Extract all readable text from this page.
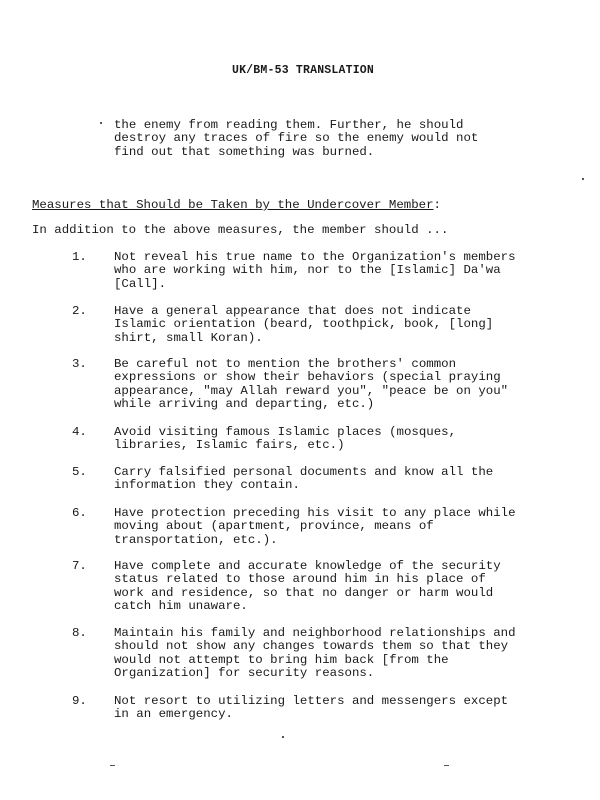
UK/BM-53 TRANSLATION
the enemy from reading them. Further, he should
destroy any traces of fire so the enemy would not
find out that something was burned.
Measures that Should be Taken by the Undercover Member:
In addition to the above measures, the member should ...
1.	Not reveal his true name to the Organization's members
who are working with him, nor to the [Islamic] Da'wa
[Call].
2.	Have a general appearance that does not indicate
Islamic orientation (beard, toothpick, book, [long]
shirt, small Koran).
3.	Be careful not to mention the brothers' common
expressions or show their behaviors (special praying
appearance, "may Allah reward you", "peace be on you"
while arriving and departing, etc.)
4.	Avoid visiting famous Islamic places (mosques,
libraries, Islamic fairs, etc.)
5.	Carry falsified personal documents and know all the
information they contain.
6.	Have protection preceding his visit to any place while
moving about (apartment, province, means of
transportation, etc.).
7.	Have complete and accurate knowledge of the security
status related to those around him in his place of
work and residence, so that no danger or harm would
catch him unaware.
8.	Maintain his family and neighborhood relationships and
should not show any changes towards them so that they
would not attempt to bring him back [from the
Organization] for security reasons.
9.	Not resort to utilizing letters and messengers except
in an emergency.
